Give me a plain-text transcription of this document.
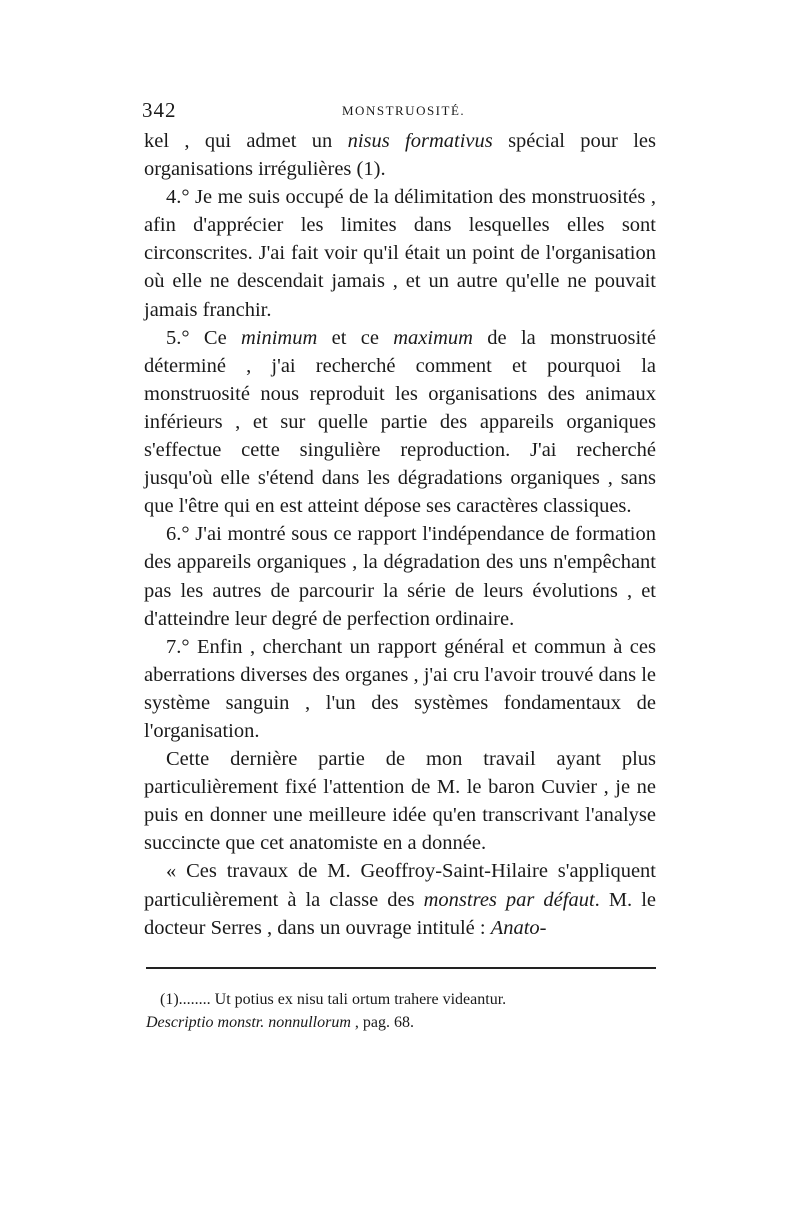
342	MONSTRUOSITÉ.

kel , qui admet un nisus formativus spécial pour les organisations irrégulières (1).

4.° Je me suis occupé de la délimitation des monstruosités , afin d'apprécier les limites dans lesquelles elles sont circonscrites. J'ai fait voir qu'il était un point de l'organisation où elle ne descendait jamais , et un autre qu'elle ne pouvait jamais franchir.

5.° Ce minimum et ce maximum de la monstruosité déterminé , j'ai recherché comment et pourquoi la monstruosité nous reproduit les organisations des animaux inférieurs , et sur quelle partie des appareils organiques s'effectue cette singulière reproduction. J'ai recherché jusqu'où elle s'étend dans les dégradations organiques , sans que l'être qui en est atteint dépose ses caractères classiques.

6.° J'ai montré sous ce rapport l'indépendance de formation des appareils organiques , la dégradation des uns n'empêchant pas les autres de parcourir la série de leurs évolutions , et d'atteindre leur degré de perfection ordinaire.

7.° Enfin , cherchant un rapport général et commun à ces aberrations diverses des organes , j'ai cru l'avoir trouvé dans le système sanguin , l'un des systèmes fondamentaux de l'organisation.

Cette dernière partie de mon travail ayant plus particulièrement fixé l'attention de M. le baron Cuvier , je ne puis en donner une meilleure idée qu'en transcrivant l'analyse succincte que cet anatomiste en a donnée.

« Ces travaux de M. Geoffroy-Saint-Hilaire s'appliquent particulièrement à la classe des monstres par défaut. M. le docteur Serres , dans un ouvrage intitulé : Anato-

(1)........ Ut potius ex nisu tali ortum trahere videantur.

Descriptio monstr. nonnullorum , pag. 68.
